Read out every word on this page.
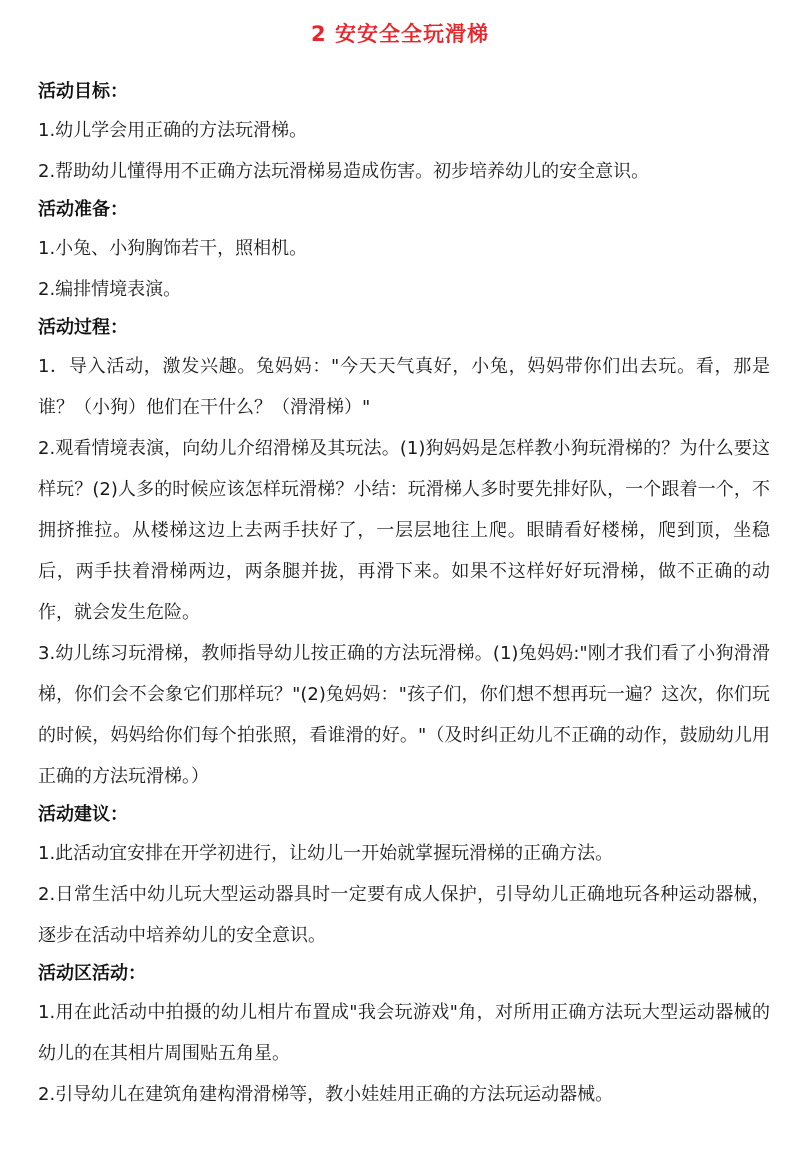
2 安安全全玩滑梯

活动目标：

1.幼儿学会用正确的方法玩滑梯。

2.帮助幼儿懂得用不正确方法玩滑梯易造成伤害。初步培养幼儿的安全意识。

活动准备：

1.小兔、小狗胸饰若干，照相机。

2.编排情境表演。

活动过程：

1．导入活动，激发兴趣。兔妈妈："今天天气真好，小兔，妈妈带你们出去玩。看，那是谁？（小狗）他们在干什么？（滑滑梯）"

2.观看情境表演，向幼儿介绍滑梯及其玩法。(1)狗妈妈是怎样教小狗玩滑梯的？为什么要这样玩？(2)人多的时候应该怎样玩滑梯？小结：玩滑梯人多时要先排好队，一个跟着一个，不拥挤推拉。从楼梯这边上去两手扶好了，一层层地往上爬。眼睛看好楼梯，爬到顶，坐稳后，两手扶着滑梯两边，两条腿并拢，再滑下来。如果不这样好好玩滑梯，做不正确的动作，就会发生危险。

3.幼儿练习玩滑梯，教师指导幼儿按正确的方法玩滑梯。(1)兔妈妈:"刚才我们看了小狗滑滑梯，你们会不会象它们那样玩？"(2)兔妈妈："孩子们，你们想不想再玩一遍？这次，你们玩的时候，妈妈给你们每个拍张照，看谁滑的好。"（及时纠正幼儿不正确的动作，鼓励幼儿用正确的方法玩滑梯。）

活动建议：

1.此活动宜安排在开学初进行，让幼儿一开始就掌握玩滑梯的正确方法。

2.日常生活中幼儿玩大型运动器具时一定要有成人保护，引导幼儿正确地玩各种运动器械，逐步在活动中培养幼儿的安全意识。

活动区活动：

1.用在此活动中拍摄的幼儿相片布置成"我会玩游戏"角，对所用正确方法玩大型运动器械的幼儿的在其相片周围贴五角星。

2.引导幼儿在建筑角建构滑滑梯等，教小娃娃用正确的方法玩运动器械。
